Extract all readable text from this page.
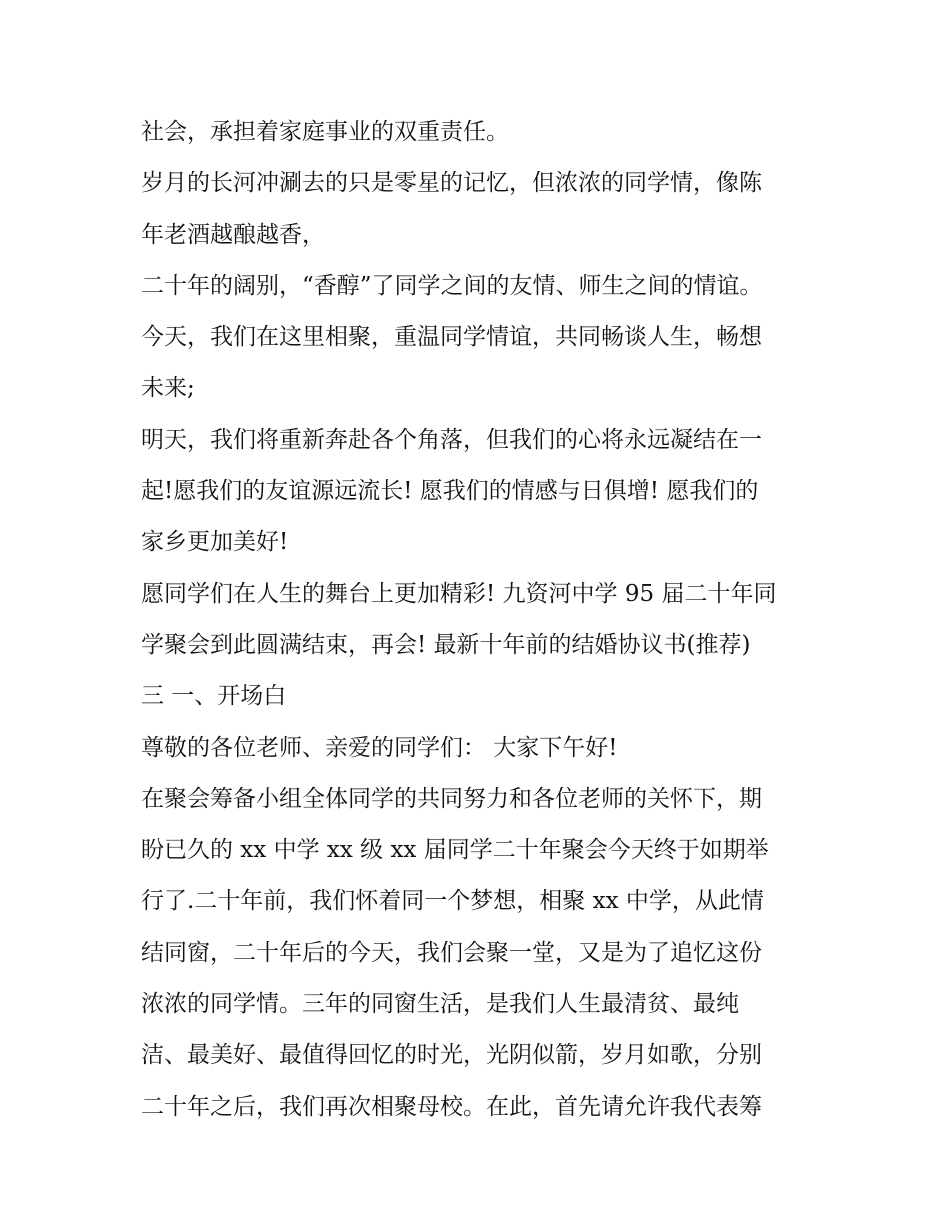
社会，承担着家庭事业的双重责任。
岁月的长河冲涮去的只是零星的记忆，但浓浓的同学情，像陈
年老酒越酿越香，
二十年的阔别，“香醇”了同学之间的友情、师生之间的情谊。
今天，我们在这里相聚，重温同学情谊，共同畅谈人生，畅想
未来;
明天，我们将重新奔赴各个角落，但我们的心将永远凝结在一
起!愿我们的友谊源远流长! 愿我们的情感与日俱增! 愿我们的
家乡更加美好!
愿同学们在人生的舞台上更加精彩! 九资河中学 95 届二十年同
学聚会到此圆满结束，再会! 最新十年前的结婚协议书(推荐)
三 一、开场白
尊敬的各位老师、亲爱的同学们： 大家下午好!
在聚会筹备小组全体同学的共同努力和各位老师的关怀下，期
盼已久的 xx 中学 xx 级 xx 届同学二十年聚会今天终于如期举
行了.二十年前，我们怀着同一个梦想，相聚 xx 中学，从此情
结同窗，二十年后的今天，我们会聚一堂，又是为了追忆这份
浓浓的同学情。三年的同窗生活，是我们人生最清贫、最纯
洁、最美好、最值得回忆的时光，光阴似箭，岁月如歌，分别
二十年之后，我们再次相聚母校。在此，首先请允许我代表筹
